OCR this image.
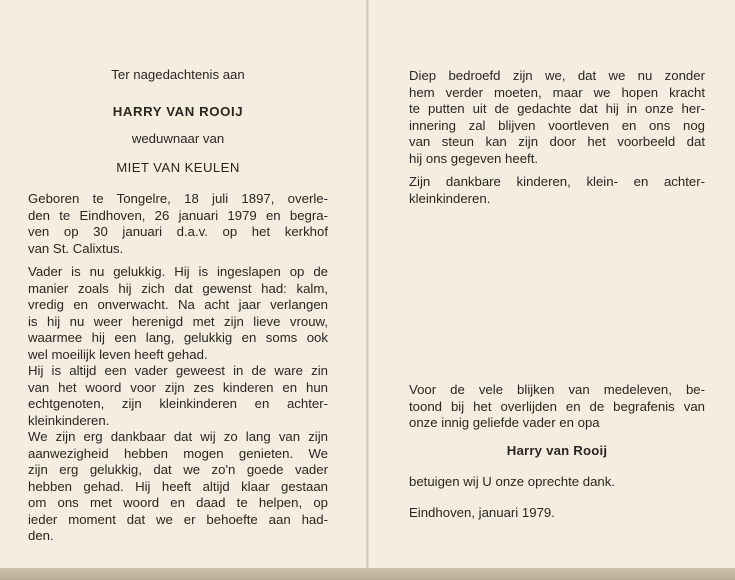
Ter nagedachtenis aan
HARRY VAN ROOIJ
weduwnaar van
MIET VAN KEULEN
Geboren te Tongelre, 18 juli 1897, overle-
den te Eindhoven, 26 januari 1979 en begra-
ven op 30 januari d.a.v. op het kerkhof
van St. Calixtus.
Vader is nu gelukkig. Hij is ingeslapen op de
manier zoals hij zich dat gewenst had: kalm,
vredig en onverwacht. Na acht jaar verlangen
is hij nu weer herenigd met zijn lieve vrouw,
waarmee hij een lang, gelukkig en soms ook
wel moeilijk leven heeft gehad.
Hij is altijd een vader geweest in de ware zin
van het woord voor zijn zes kinderen en hun
echtgenoten, zijn kleinkinderen en achter-
kleinkinderen.
We zijn erg dankbaar dat wij zo lang van zijn
aanwezigheid hebben mogen genieten. We
zijn erg gelukkig, dat we zo'n goede vader
hebben gehad. Hij heeft altijd klaar gestaan
om ons met woord en daad te helpen, op
ieder moment dat we er behoefte aan had-
den.
Diep bedroefd zijn we, dat we nu zonder
hem verder moeten, maar we hopen kracht
te putten uit de gedachte dat hij in onze her-
innering zal blijven voortleven en ons nog
van steun kan zijn door het voorbeeld dat
hij ons gegeven heeft.
Zijn dankbare kinderen, klein- en achter-
kleinkinderen.
Voor de vele blijken van medeleven, be-
toond bij het overlijden en de begrafenis van
onze innig geliefde vader en opa
Harry van Rooij
betuigen wij U onze oprechte dank.
Eindhoven, januari 1979.
